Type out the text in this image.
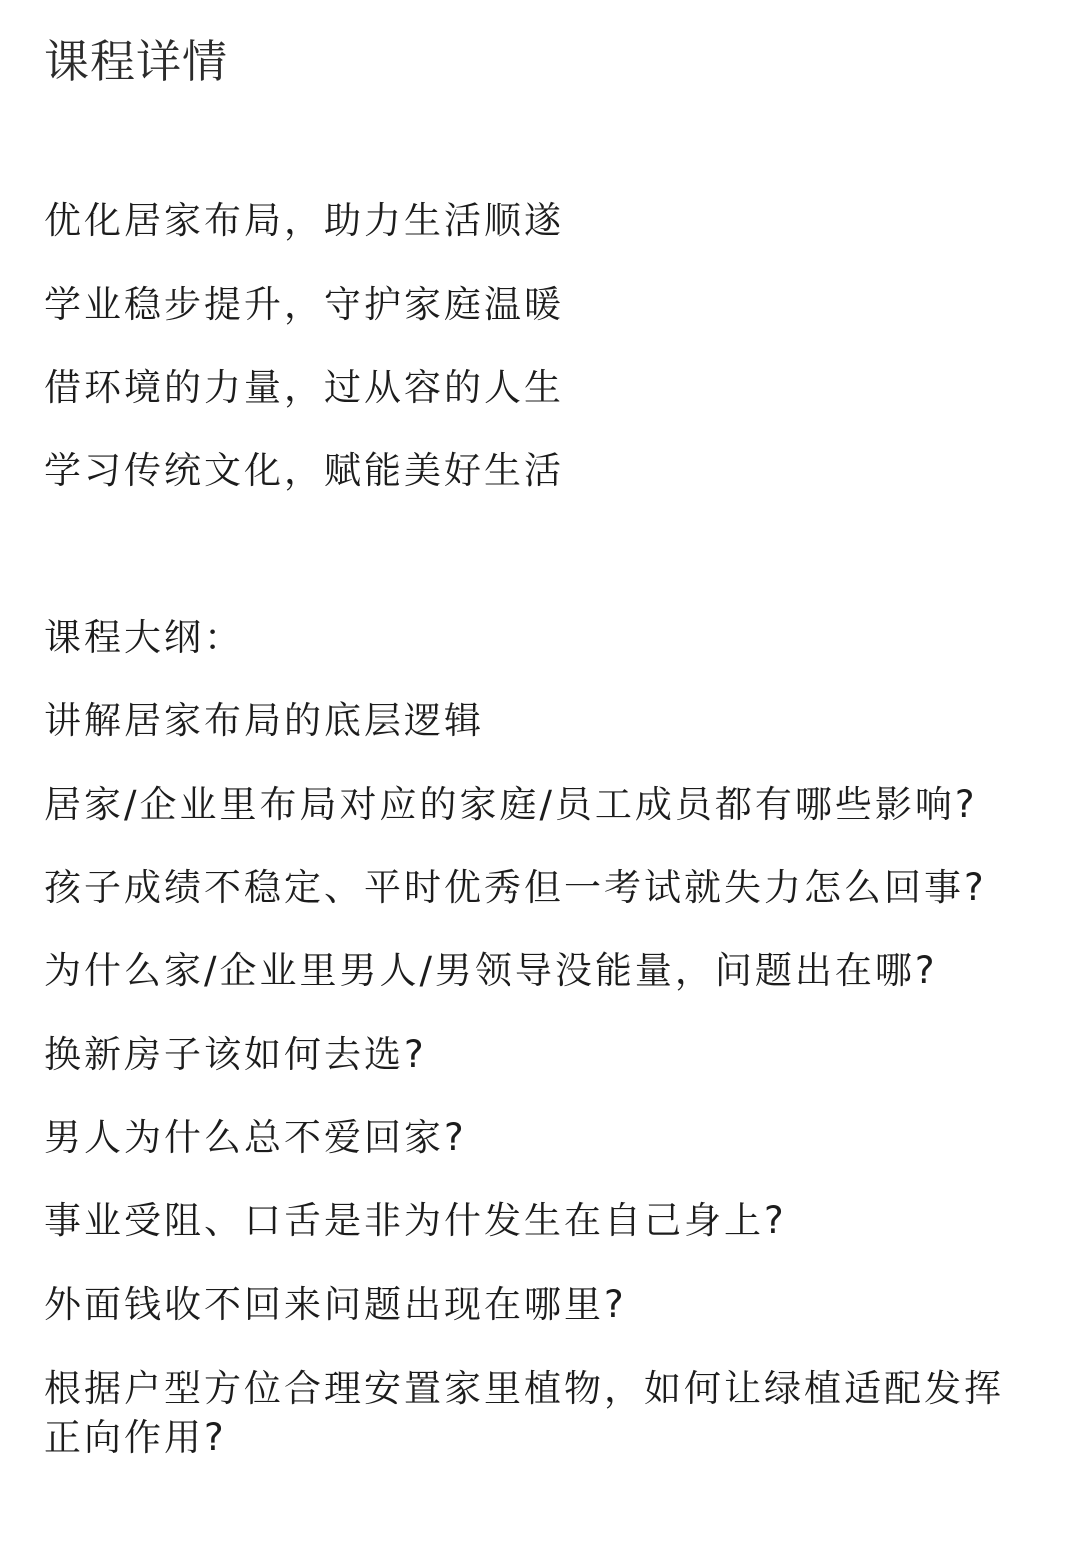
课程详情
优化居家布局，助力生活顺遂
学业稳步提升，守护家庭温暖
借环境的力量，过从容的人生
学习传统文化，赋能美好生活
课程大纲：
讲解居家布局的底层逻辑
居家/企业里布局对应的家庭/员工成员都有哪些影响?
孩子成绩不稳定、平时优秀但一考试就失力怎么回事?
为什么家/企业里男人/男领导没能量，问题出在哪?
换新房子该如何去选?
男人为什么总不爱回家?
事业受阻、口舌是非为什发生在自己身上?
外面钱收不回来问题出现在哪里?
根据户型方位合理安置家里植物，如何让绿植适配发挥正向作用?
